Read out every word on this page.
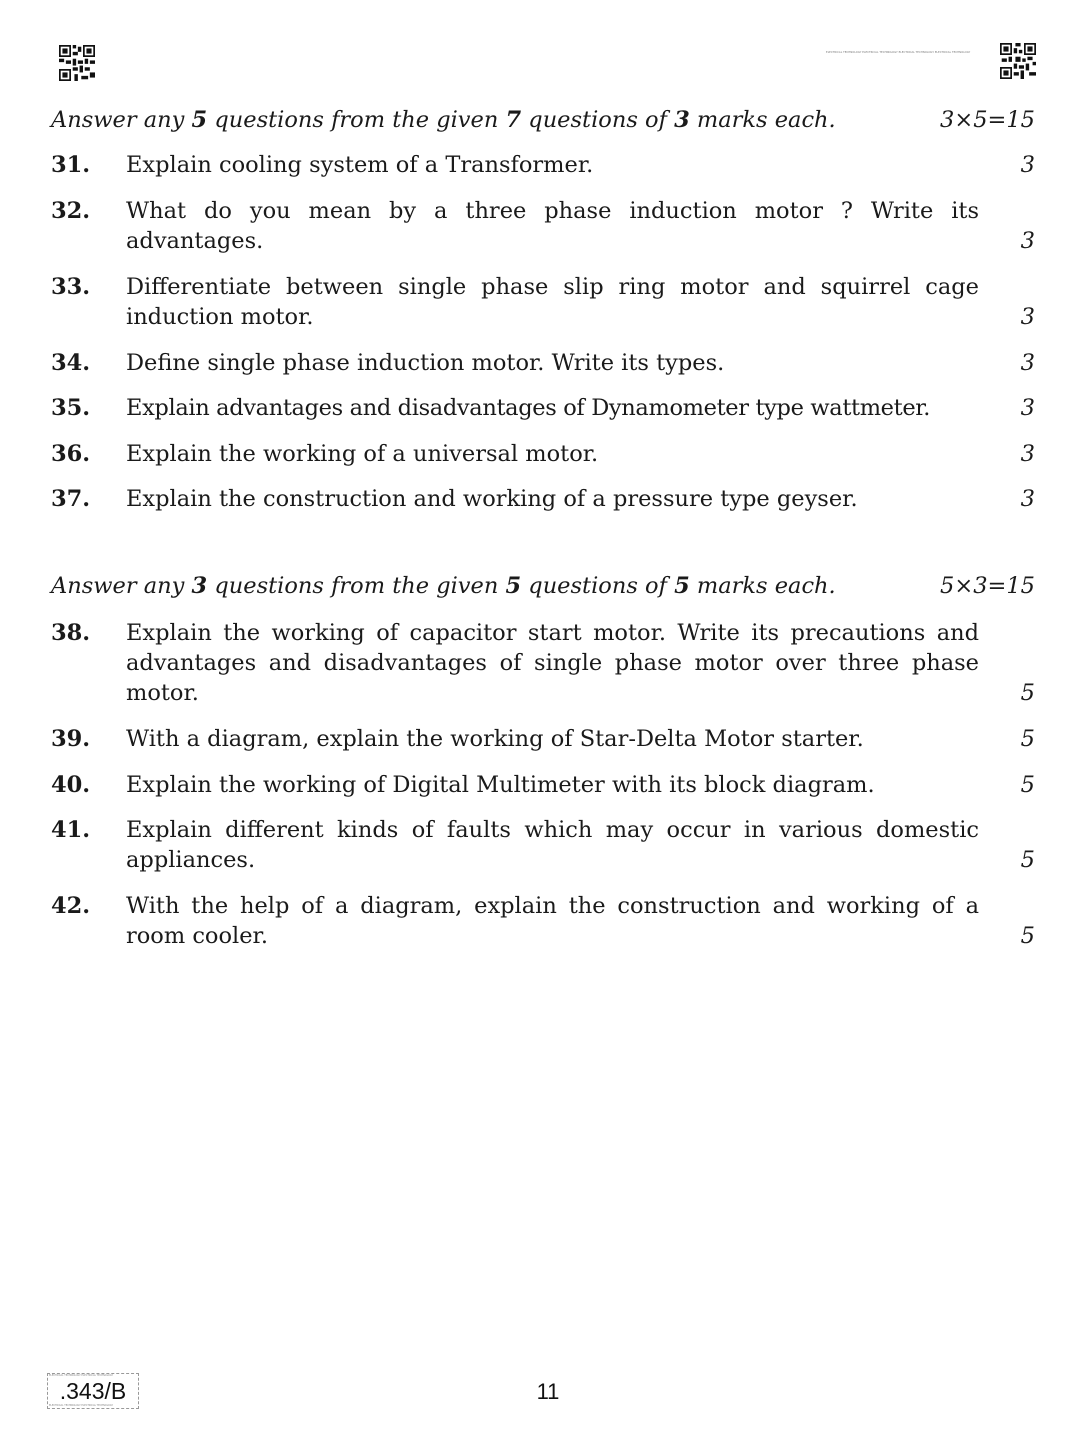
ELECTRICAL TECHNOLOGY ELECTRICAL TECHNOLOGY ELECTRICAL TECHNOLOGY ELECTRICAL TECHNOLOGY
Answer any 5 questions from the given 7 questions of 3 marks each.	3×5=15
31. Explain cooling system of a Transformer.	3
32. What do you mean by a three phase induction motor ? Write its advantages.	3
33. Differentiate between single phase slip ring motor and squirrel cage induction motor.	3
34. Define single phase induction motor. Write its types.	3
35. Explain advantages and disadvantages of Dynamometer type wattmeter.	3
36. Explain the working of a universal motor.	3
37. Explain the construction and working of a pressure type geyser.	3
Answer any 3 questions from the given 5 questions of 5 marks each.	5×3=15
38. Explain the working of capacitor start motor. Write its precautions and advantages and disadvantages of single phase motor over three phase motor.	5
39. With a diagram, explain the working of Star-Delta Motor starter.	5
40. Explain the working of Digital Multimeter with its block diagram.	5
41. Explain different kinds of faults which may occur in various domestic appliances.	5
42. With the help of a diagram, explain the construction and working of a room cooler.	5
ELECTRICAL TECHNOLOGY ELECTRICAL TECHNOLOGY
.343/B
ELECTRICAL TECHNOLOGY ELECTRICAL TECHNOLOGY
11
